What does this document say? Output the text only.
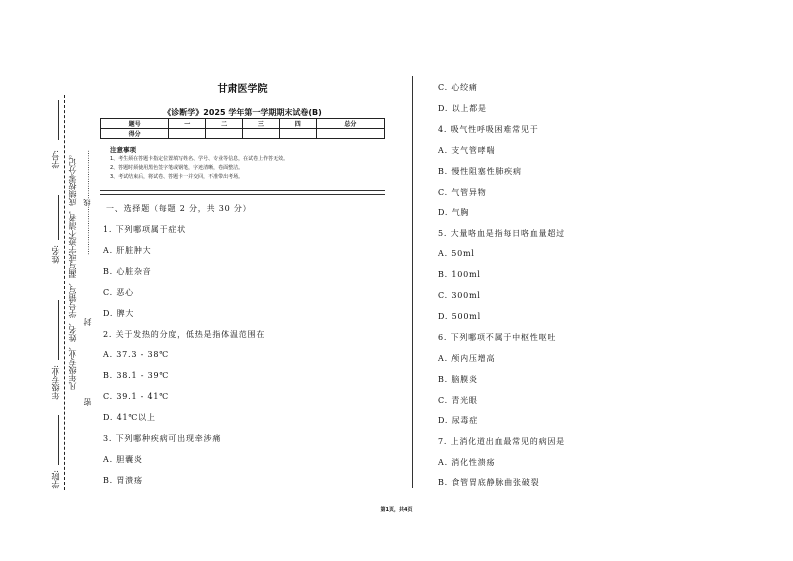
学号:
姓名:
年级专业:
学院:
凡年级专业、姓名、学号错写、漏写或字迹不清者，成绩按零分记。 …………………线…………………
封
密
甘肃医学院
《诊断学》2025 学年第一学期期末试卷(B)
题号	一	二	三	四	总分
得分					
注意事项
1、考生须在答题卡指定位置填写姓名、学号、专业等信息，在试卷上作答无效。
2、答题时须使用黑色签字笔或钢笔，字迹清晰，卷面整洁。
3、考试结束后，将试卷、答题卡一并交回，不准带出考场。
一、选择题（每题 2 分，共 30 分）
1. 下列哪项属于症状
A. 肝脏肿大
B. 心脏杂音
C. 恶心
D. 脾大
2. 关于发热的分度，低热是指体温范围在
A. 37.3 - 38℃
B. 38.1 - 39℃
C. 39.1 - 41℃
D. 41℃以上
3. 下列哪种疾病可出现牵涉痛
A. 胆囊炎
B. 胃溃疡
C. 心绞痛
D. 以上都是
4. 吸气性呼吸困难常见于
A. 支气管哮喘
B. 慢性阻塞性肺疾病
C. 气管异物
D. 气胸
5. 大量咯血是指每日咯血量超过
A. 50ml
B. 100ml
C. 300ml
D. 500ml
6. 下列哪项不属于中枢性呕吐
A. 颅内压增高
B. 脑膜炎
C. 青光眼
D. 尿毒症
7. 上消化道出血最常见的病因是
A. 消化性溃疡
B. 食管胃底静脉曲张破裂
第1页，共4页
